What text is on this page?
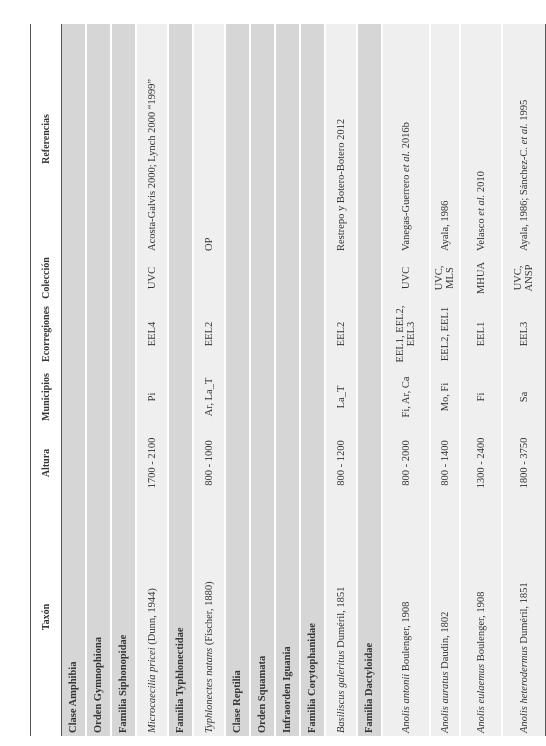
Taxón	Altura	Municipios	Ecorregiones	Colección	Referencias
Clase Amphibia					
Orden Gymnophiona					
Familia Siphonopidae					
Microcaecilia pricei (Dunn, 1944)	1700 - 2100	Pi	EEL4	UVC	Acosta-Galvis 2000; Lynch 2000 “1999”
Familia Typhlonectidae					
Typhlonectes natans (Fischer, 1880)	800 - 1000	Ar, La_T	EEL2		OP
Clase Reptilia					
Orden Squamata					
Infraorden Iguania					
Familia Corytophanidae					
Basiliscus galeritus Duméril, 1851	800 - 1200	La_T	EEL2		Restrepo y Botero-Botero 2012
Familia Dactyloidae					
Anolis antonii Boulenger, 1908	800 - 2000	Fi, Ar, Ca	EEL1, EEL2, EEL3	UVC	Vanegas-Guerrero et al. 2016b
Anolis auratus Daudin, 1802	800 - 1400	Mo, Fi	EEL2, EEL1	UVC, MLS	Ayala, 1986
Anolis eulaemus Boulenger, 1908	1300 - 2400	Fi	EEL1	MHUA	Velasco et al. 2010
Anolis heterodermus Duméril, 1851	1800 - 3750	Sa	EEL3	UVC, ANSP	Ayala, 1986; Sánchez-C. et al. 1995
